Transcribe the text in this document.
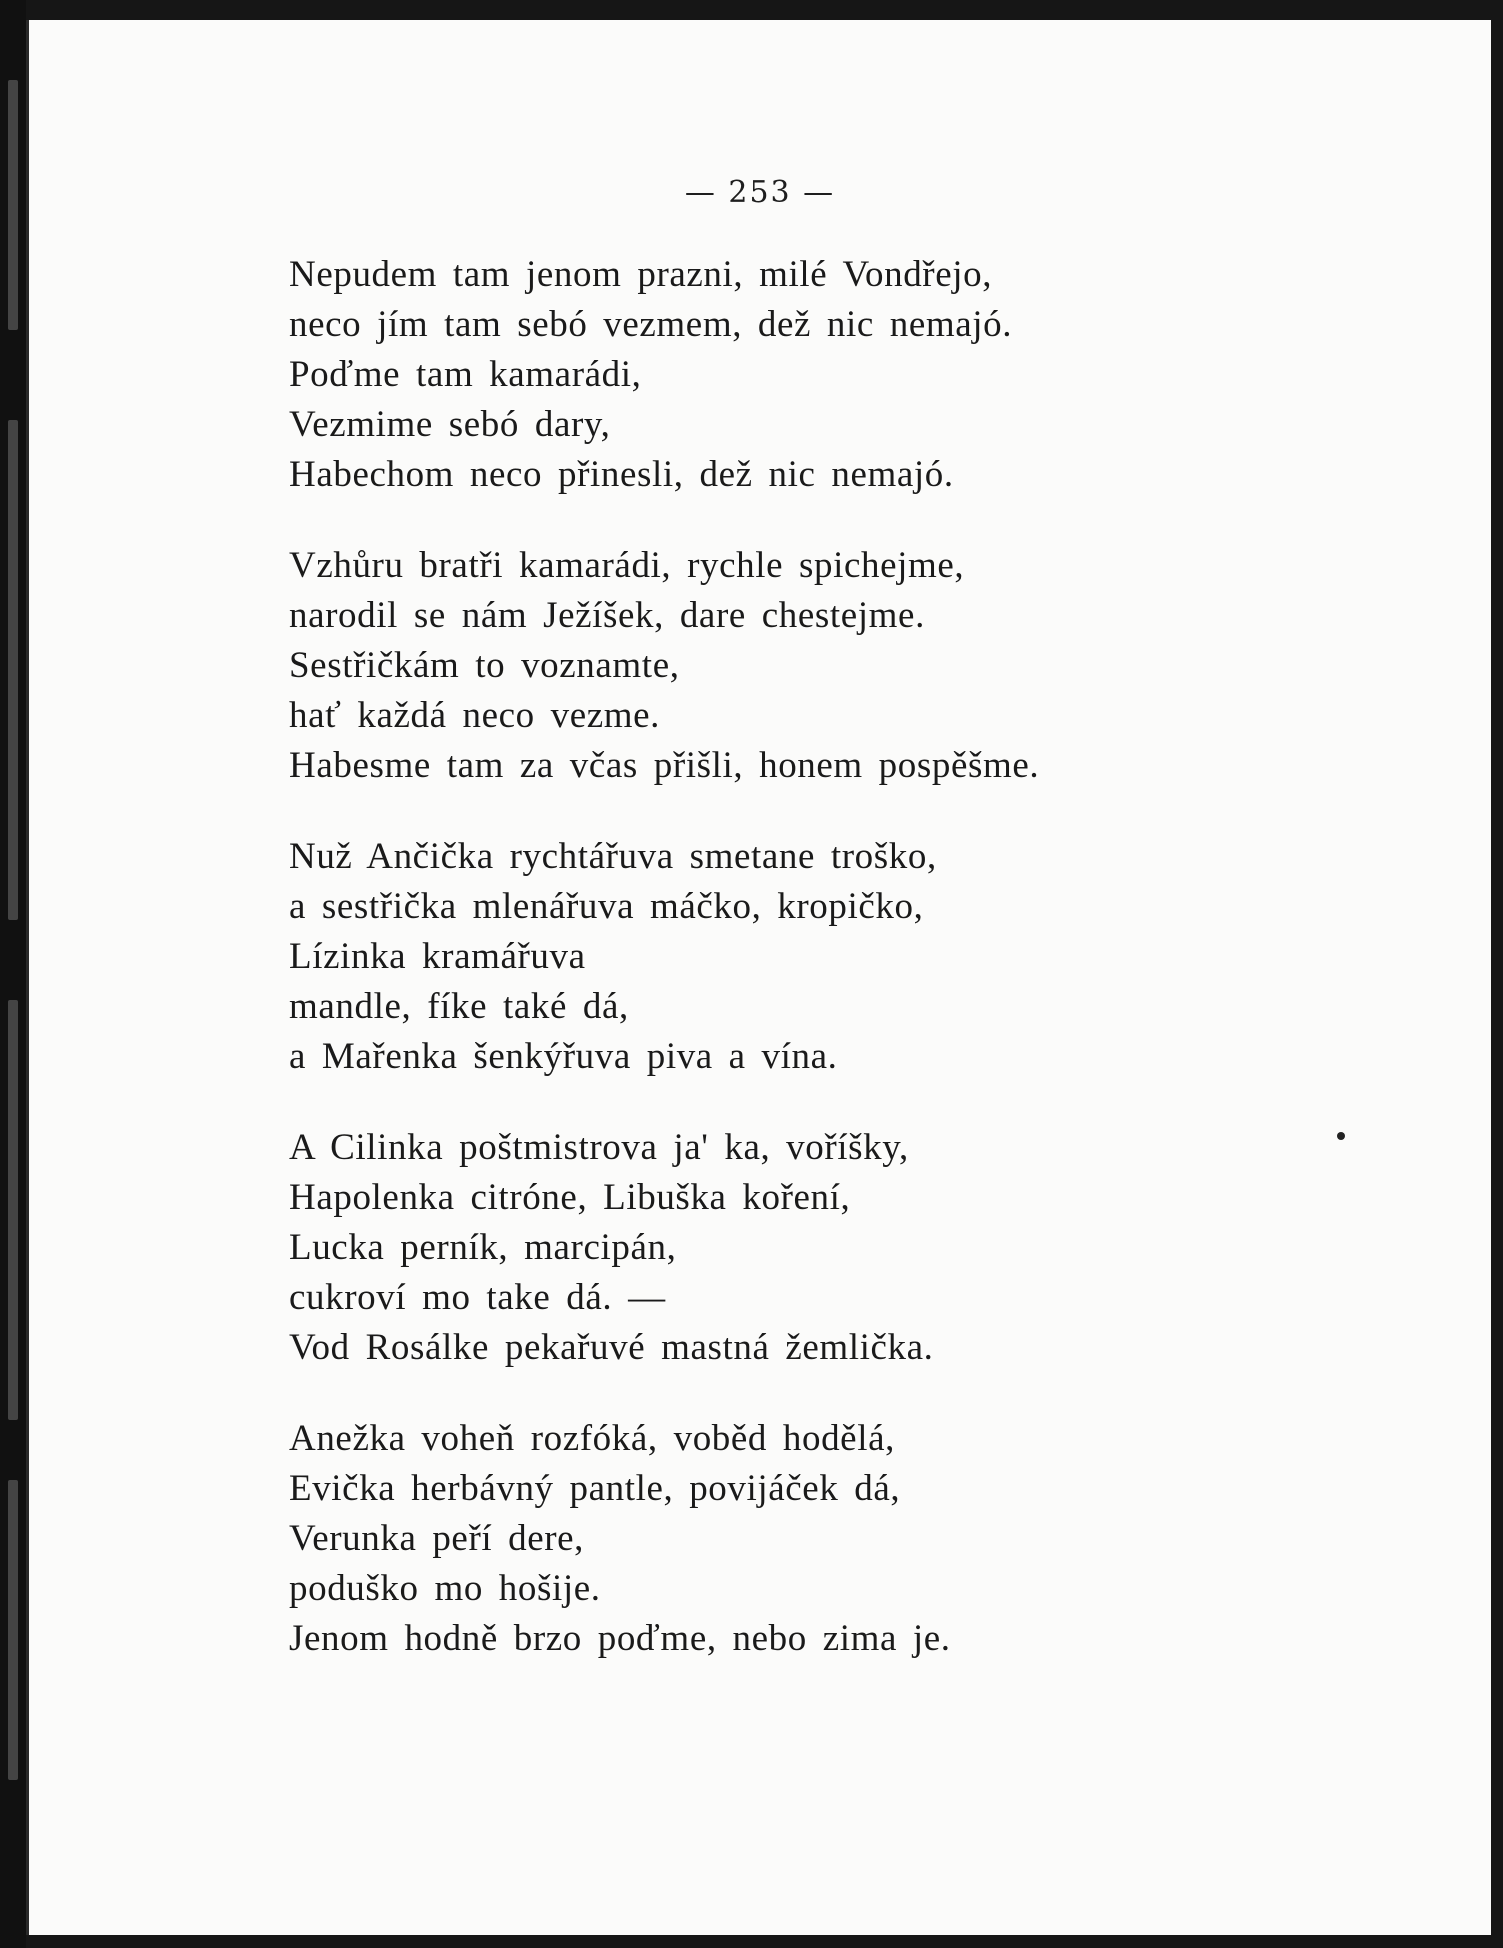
— 253 —
Nepudem tam jenom prazni, milé Vondřejo,
neco jím tam sebó vezmem, dež nic nemajó.
Poďme tam kamarádi,
Vezmime sebó dary,
Habechom neco přinesli, dež nic nemajó.
Vzhůru bratři kamarádi, rychle spichejme,
narodil se nám Ježíšek, dare chestejme.
Sestřičkám to voznamte,
hať každá neco vezme.
Habesme tam za včas přišli, honem pospěšme.
Nuž Ančička rychtářuva smetane troško,
a sestřička mlenářuva máčko, kropičko,
Lízinka kramářuva
mandle, fíke také dá,
a Mařenka šenkýřuva piva a vína.
A Cilinka poštmistrova ja' ka, voříšky,
Hapolenka citróne, Libuška koření,
Lucka perník, marcipán,
cukroví mo take dá. —
Vod Rosálke pekařuvé mastná žemlička.
Anežka voheň rozfóká, voběd hodělá,
Evička herbávný pantle, povijáček dá,
Verunka peří dere,
poduško mo hošije.
Jenom hodně brzo poďme, nebo zima je.
